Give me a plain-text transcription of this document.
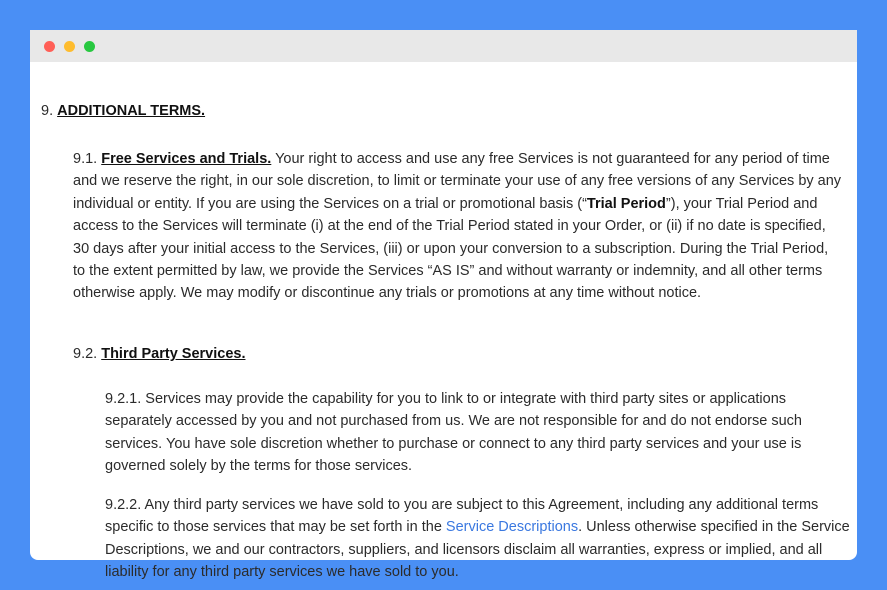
9. ADDITIONAL TERMS.

9.1. Free Services and Trials. Your right to access and use any free Services is not guaranteed for any period of time and we reserve the right, in our sole discretion, to limit or terminate your use of any free versions of any Services by any individual or entity. If you are using the Services on a trial or promotional basis (“Trial Period”), your Trial Period and access to the Services will terminate (i) at the end of the Trial Period stated in your Order, or (ii) if no date is specified, 30 days after your initial access to the Services, (iii) or upon your conversion to a subscription. During the Trial Period, to the extent permitted by law, we provide the Services “AS IS” and without warranty or indemnity, and all other terms otherwise apply. We may modify or discontinue any trials or promotions at any time without notice.

9.2. Third Party Services.

9.2.1. Services may provide the capability for you to link to or integrate with third party sites or applications separately accessed by you and not purchased from us. We are not responsible for and do not endorse such services. You have sole discretion whether to purchase or connect to any third party services and your use is governed solely by the terms for those services.

9.2.2. Any third party services we have sold to you are subject to this Agreement, including any additional terms specific to those services that may be set forth in the Service Descriptions. Unless otherwise specified in the Service Descriptions, we and our contractors, suppliers, and licensors disclaim all warranties, express or implied, and all liability for any third party services we have sold to you.
